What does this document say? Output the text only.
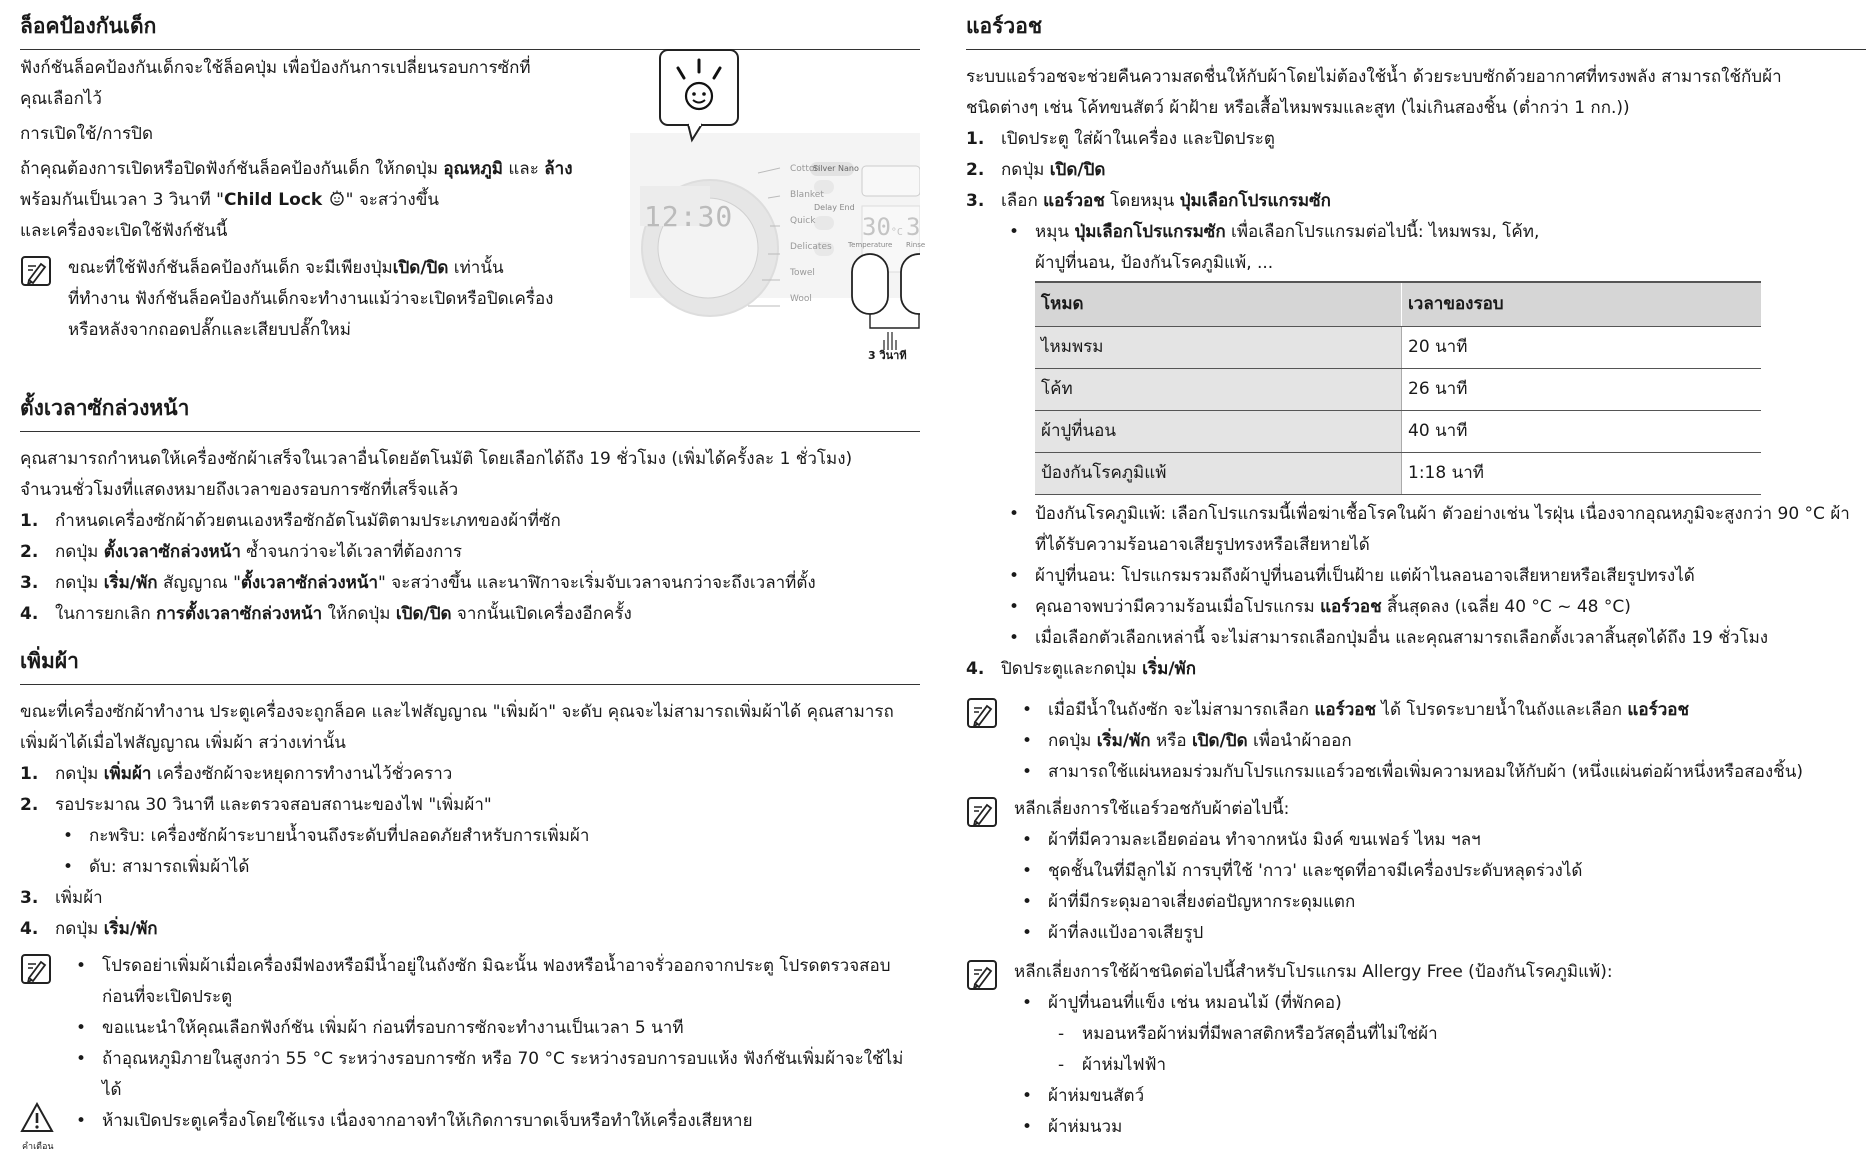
ล็อคป้องกันเด็ก

ฟังก์ชันล็อคป้องกันเด็กจะใช้ล็อคปุ่ม เพื่อป้องกันการเปลี่ยนรอบการซักที่

คุณเลือกไว้

การเปิดใช้/การปิด

ถ้าคุณต้องการเปิดหรือปิดฟังก์ชันล็อคป้องกันเด็ก ให้กดปุ่ม อุณหภูมิ และ ล้าง

พร้อมกันเป็นเวลา 3 วินาที "Child Lock " จะสว่างขึ้น

และเครื่องจะเปิดใช้ฟังก์ชันนี้

ขณะที่ใช้ฟังก์ชันล็อคป้องกันเด็ก จะมีเพียงปุ่มเปิด/ปิด เท่านั้น

ที่ทำงาน ฟังก์ชันล็อคป้องกันเด็กจะทำงานแม้ว่าจะเปิดหรือปิดเครื่อง

หรือหลังจากถอดปลั๊กและเสียบปลั๊กใหม่

12:30
Cotton
Blanket
Quick
Delicates
Towel
Wool
Silver Nano
Delay End
30°C 3
Temperature Rinse
3 วินาที
ตั้งเวลาซักล่วงหน้า

คุณสามารถกำหนดให้เครื่องซักผ้าเสร็จในเวลาอื่นโดยอัตโนมัติ โดยเลือกได้ถึง 19 ชั่วโมง (เพิ่มได้ครั้งละ 1 ชั่วโมง)

จำนวนชั่วโมงที่แสดงหมายถึงเวลาของรอบการซักที่เสร็จแล้ว

1. กำหนดเครื่องซักผ้าด้วยตนเองหรือซักอัตโนมัติตามประเภทของผ้าที่ซัก
2. กดปุ่ม ตั้งเวลาซักล่วงหน้า ซ้ำจนกว่าจะได้เวลาที่ต้องการ
3. กดปุ่ม เริ่ม/พัก สัญญาณ "ตั้งเวลาซักล่วงหน้า" จะสว่างขึ้น และนาฬิกาจะเริ่มจับเวลาจนกว่าจะถึงเวลาที่ตั้ง
4. ในการยกเลิก การตั้งเวลาซักล่วงหน้า ให้กดปุ่ม เปิด/ปิด จากนั้นเปิดเครื่องอีกครั้ง
เพิ่มผ้า

ขณะที่เครื่องซักผ้าทำงาน ประตูเครื่องจะถูกล็อค และไฟสัญญาณ "เพิ่มผ้า" จะดับ คุณจะไม่สามารถเพิ่มผ้าได้ คุณสามารถ

เพิ่มผ้าได้เมื่อไฟสัญญาณ เพิ่มผ้า สว่างเท่านั้น

1. กดปุ่ม เพิ่มผ้า เครื่องซักผ้าจะหยุดการทำงานไว้ชั่วคราว
2. รอประมาณ 30 วินาที และตรวจสอบสถานะของไฟ "เพิ่มผ้า"
• กะพริบ: เครื่องซักผ้าระบายน้ำจนถึงระดับที่ปลอดภัยสำหรับการเพิ่มผ้า
• ดับ: สามารถเพิ่มผ้าได้
3. เพิ่มผ้า
4. กดปุ่ม เริ่ม/พัก
• โปรดอย่าเพิ่มผ้าเมื่อเครื่องมีฟองหรือมีน้ำอยู่ในถังซัก มิฉะนั้น ฟองหรือน้ำอาจรั่วออกจากประตู โปรดตรวจสอบ
ก่อนที่จะเปิดประตู
• ขอแนะนำให้คุณเลือกฟังก์ชัน เพิ่มผ้า ก่อนที่รอบการซักจะทำงานเป็นเวลา 5 นาที
• ถ้าอุณหภูมิภายในสูงกว่า 55 °C ระหว่างรอบการซัก หรือ 70 °C ระหว่างรอบการอบแห้ง ฟังก์ชันเพิ่มผ้าจะใช้ไม่ได้
• ห้ามเปิดประตูเครื่องโดยใช้แรง เนื่องจากอาจทำให้เกิดการบาดเจ็บหรือทำให้เครื่องเสียหาย
คำเตือน
แอร์วอช

ระบบแอร์วอชจะช่วยคืนความสดชื่นให้กับผ้าโดยไม่ต้องใช้น้ำ ด้วยระบบซักด้วยอากาศที่ทรงพลัง สามารถใช้กับผ้า

ชนิดต่างๆ เช่น โค้ทขนสัตว์ ผ้าฝ้าย หรือเสื้อไหมพรมและสูท (ไม่เกินสองชิ้น (ต่ำกว่า 1 กก.))

1. เปิดประตู ใส่ผ้าในเครื่อง และปิดประตู
2. กดปุ่ม เปิด/ปิด
3. เลือก แอร์วอช โดยหมุน ปุ่มเลือกโปรแกรมซัก
• หมุน ปุ่มเลือกโปรแกรมซัก เพื่อเลือกโปรแกรมต่อไปนี้: ไหมพรม, โค้ท,
ผ้าปูที่นอน, ป้องกันโรคภูมิแพ้, ...
โหมด	เวลาของรอบ
ไหมพรม	20 นาที
โค้ท	26 นาที
ผ้าปูที่นอน	40 นาที
ป้องกันโรคภูมิแพ้	1:18 นาที
• ป้องกันโรคภูมิแพ้: เลือกโปรแกรมนี้เพื่อฆ่าเชื้อโรคในผ้า ตัวอย่างเช่น ไรฝุ่น เนื่องจากอุณหภูมิจะสูงกว่า 90 °C ผ้า
ที่ได้รับความร้อนอาจเสียรูปทรงหรือเสียหายได้
• ผ้าปูที่นอน: โปรแกรมรวมถึงผ้าปูที่นอนที่เป็นฝ้าย แต่ผ้าไนลอนอาจเสียหายหรือเสียรูปทรงได้
• คุณอาจพบว่ามีความร้อนเมื่อโปรแกรม แอร์วอช สิ้นสุดลง (เฉลี่ย 40 °C ~ 48 °C)
• เมื่อเลือกตัวเลือกเหล่านี้ จะไม่สามารถเลือกปุ่มอื่น และคุณสามารถเลือกตั้งเวลาสิ้นสุดได้ถึง 19 ชั่วโมง
4. ปิดประตูและกดปุ่ม เริ่ม/พัก
• เมื่อมีน้ำในถังซัก จะไม่สามารถเลือก แอร์วอช ได้ โปรดระบายน้ำในถังและเลือก แอร์วอช
• กดปุ่ม เริ่ม/พัก หรือ เปิด/ปิด เพื่อนำผ้าออก
• สามารถใช้แผ่นหอมร่วมกับโปรแกรมแอร์วอชเพื่อเพิ่มความหอมให้กับผ้า (หนึ่งแผ่นต่อผ้าหนึ่งหรือสองชิ้น)

หลีกเลี่ยงการใช้แอร์วอชกับผ้าต่อไปนี้:

• ผ้าที่มีความละเอียดอ่อน ทำจากหนัง มิงค์ ขนเฟอร์ ไหม ฯลฯ
• ชุดชั้นในที่มีลูกไม้ การบุที่ใช้ 'กาว' และชุดที่อาจมีเครื่องประดับหลุดร่วงได้
• ผ้าที่มีกระดุมอาจเสี่ยงต่อปัญหากระดุมแตก
• ผ้าที่ลงแป้งอาจเสียรูป

หลีกเลี่ยงการใช้ผ้าชนิดต่อไปนี้สำหรับโปรแกรม Allergy Free (ป้องกันโรคภูมิแพ้):

• ผ้าปูที่นอนที่แข็ง เช่น หมอนไม้ (ที่พักคอ)
- หมอนหรือผ้าห่มที่มีพลาสติกหรือวัสดุอื่นที่ไม่ใช่ผ้า
- ผ้าห่มไฟฟ้า
• ผ้าห่มขนสัตว์
• ผ้าห่มนวม
